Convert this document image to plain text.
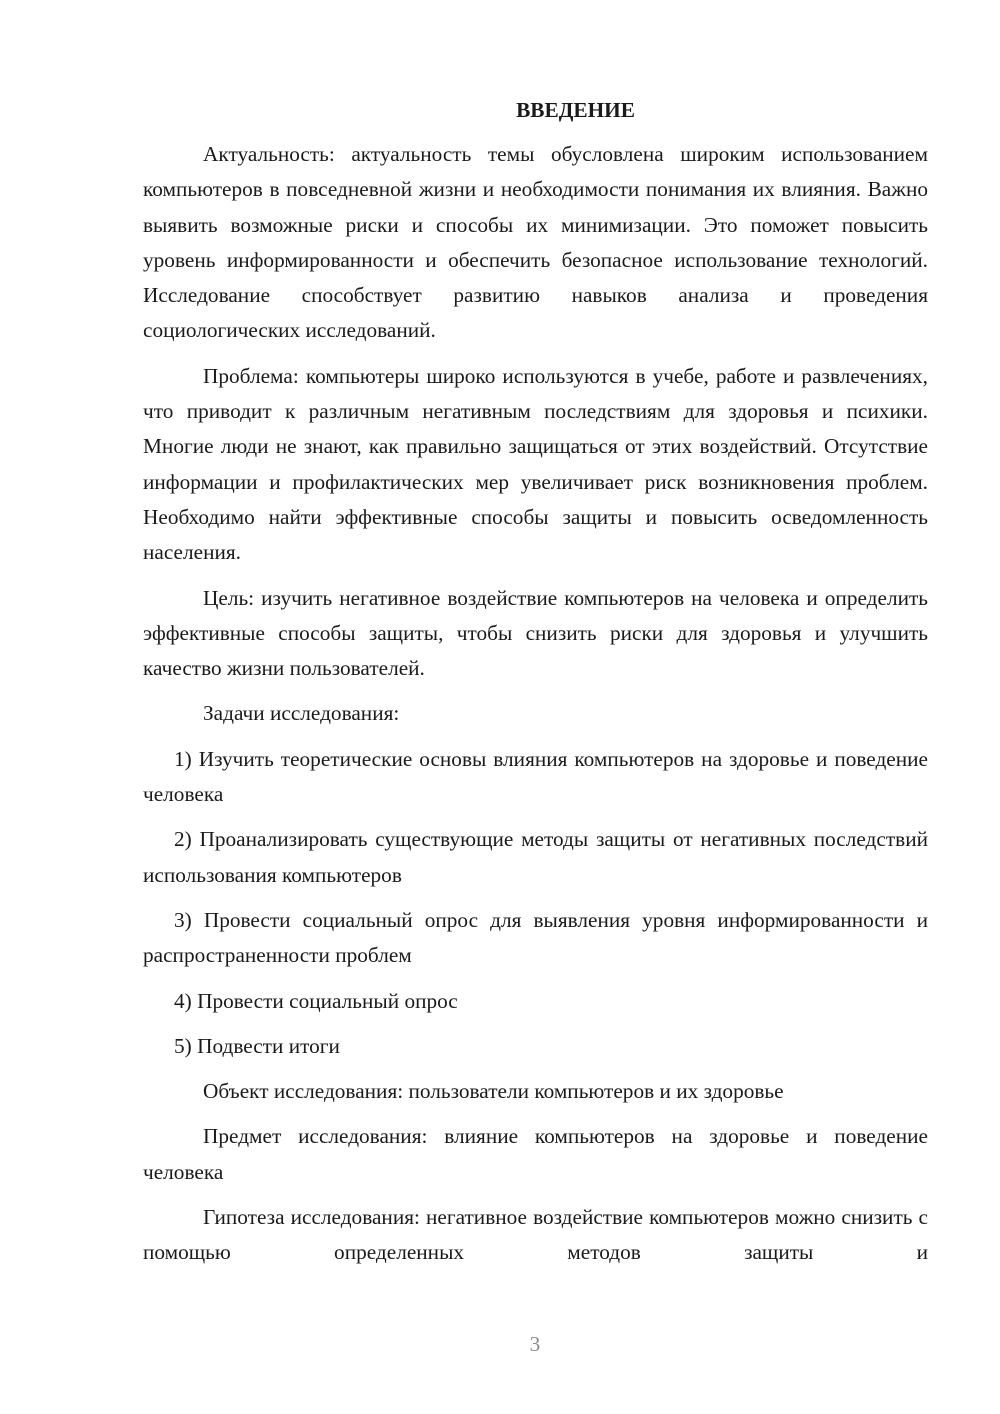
ВВЕДЕНИЕ

Актуальность: актуальность темы обусловлена широким использованием компьютеров в повседневной жизни и необходимости понимания их влияния. Важно выявить возможные риски и способы их минимизации. Это поможет повысить уровень информированности и обеспечить безопасное использование технологий. Исследование способствует развитию навыков анализа и проведения социологических исследований.

Проблема: компьютеры широко используются в учебе, работе и развлечениях, что приводит к различным негативным последствиям для здоровья и психики. Многие люди не знают, как правильно защищаться от этих воздействий. Отсутствие информации и профилактических мер увеличивает риск возникновения проблем. Необходимо найти эффективные способы защиты и повысить осведомленность населения.

Цель: изучить негативное воздействие компьютеров на человека и определить эффективные способы защиты, чтобы снизить риски для здоровья и улучшить качество жизни пользователей.

Задачи исследования:

1) Изучить теоретические основы влияния компьютеров на здоровье и поведение человека

2) Проанализировать существующие методы защиты от негативных последствий использования компьютеров

3) Провести социальный опрос для выявления уровня информированности и распространенности проблем

4) Провести социальный опрос

5) Подвести итоги

Объект исследования: пользователи компьютеров и их здоровье

Предмет исследования: влияние компьютеров на здоровье и поведение человека

Гипотеза исследования: негативное воздействие компьютеров можно снизить с помощью определенных методов защиты и

3
